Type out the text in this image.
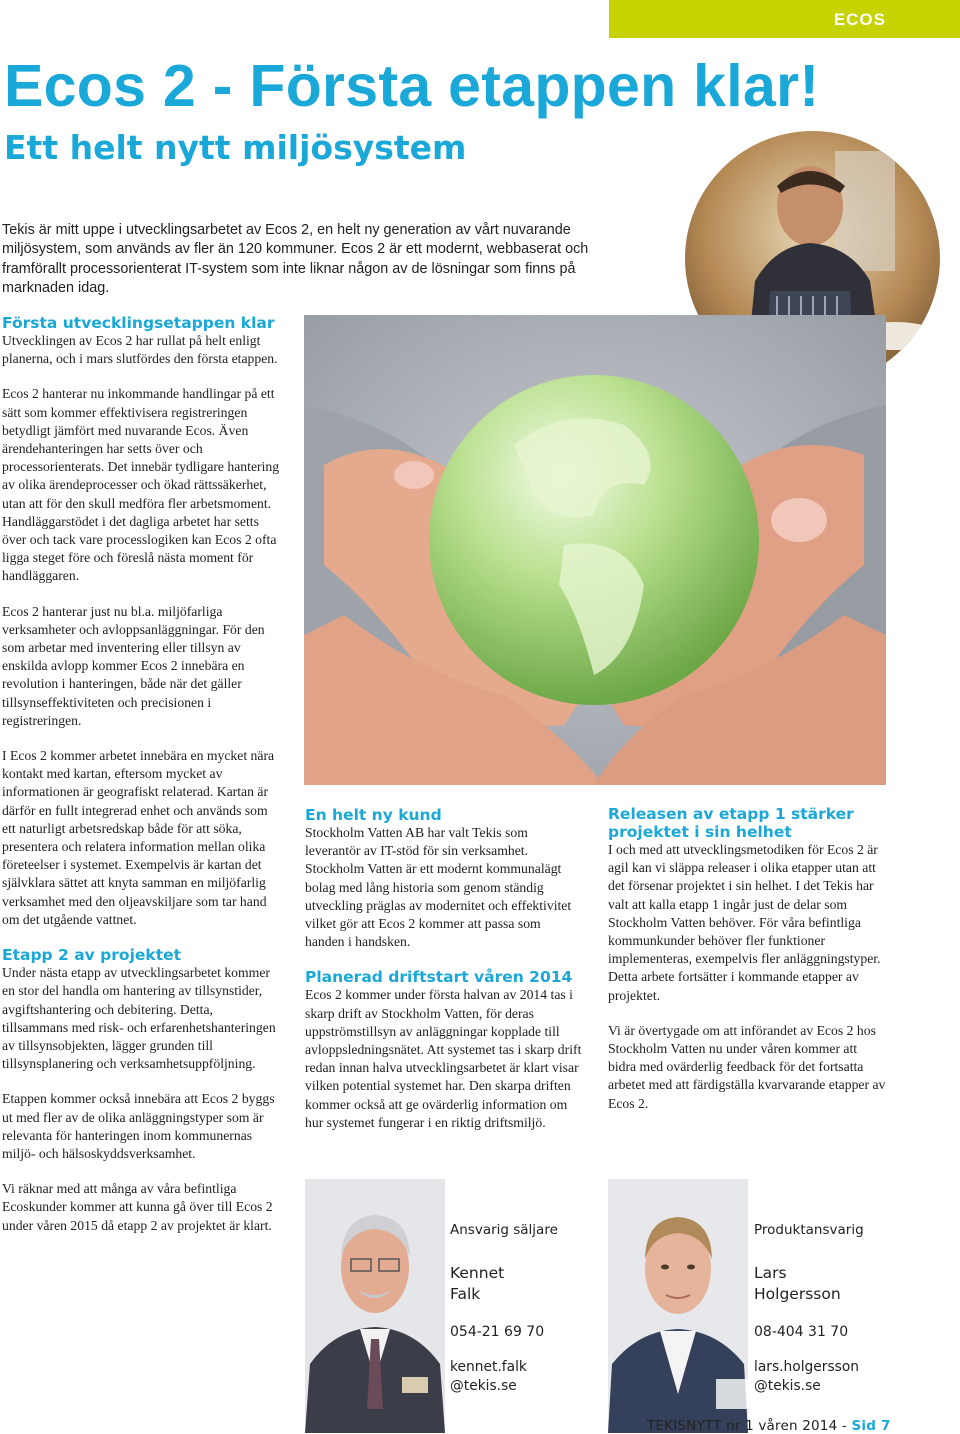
ECOS
Ecos 2 - Första etappen klar!
Ett helt nytt miljösystem

Tekis är mitt uppe i utvecklingsarbetet av Ecos 2, en helt ny generation av vårt nuvarande miljösystem, som används av fler än 120 kommuner. Ecos 2 är ett modernt, webbaserat och framförallt processorienterat IT-system som inte liknar någon av de lösningar som finns på marknaden idag.

Första utvecklingsetappen klar

Utvecklingen av Ecos 2 har rullat på helt enligt planerna, och i mars slutfördes den första etappen.

Ecos 2 hanterar nu inkommande handlingar på ett sätt som kommer effektivisera registreringen betydligt jämfört med nuvarande Ecos. Även ärendehanteringen har setts över och processorienterats. Det innebär tydligare hantering av olika ärendeprocesser och ökad rättssäkerhet, utan att för den skull medföra fler arbetsmoment. Handläggarstödet i det dagliga arbetet har setts över och tack vare processlogiken kan Ecos 2 ofta ligga steget före och föreslå nästa moment för handläggaren.

Ecos 2 hanterar just nu bl.a. miljöfarliga verksamheter och avloppsanläggningar. För den som arbetar med inventering eller tillsyn av enskilda avlopp kommer Ecos 2 innebära en revolution i hanteringen, både när det gäller tillsynseffektiviteten och precisionen i registreringen.

I Ecos 2 kommer arbetet innebära en mycket nära kontakt med kartan, eftersom mycket av informationen är geografiskt relaterad. Kartan är därför en fullt integrerad enhet och används som ett naturligt arbetsredskap både för att söka, presentera och relatera information mellan olika företeelser i systemet. Exempelvis är kartan det självklara sättet att knyta samman en miljöfarlig verksamhet med den oljeavskiljare som tar hand om det utgående vattnet.

Etapp 2 av projektet

Under nästa etapp av utvecklingsarbetet kommer en stor del handla om hantering av tillsynstider, avgiftshantering och debitering. Detta, tillsammans med risk- och erfarenhetshanteringen av tillsynsobjekten, lägger grunden till tillsynsplanering och verksamhetsuppföljning.

Etappen kommer också innebära att Ecos 2 byggs ut med fler av de olika anläggningstyper som är relevanta för hanteringen inom kommunernas miljö- och hälsoskyddsverksamhet.

Vi räknar med att många av våra befintliga Ecoskunder kommer att kunna gå över till Ecos 2 under våren 2015 då etapp 2 av projektet är klart.

En helt ny kund

Stockholm Vatten AB har valt Tekis som leverantör av IT-stöd för sin verksamhet. Stockholm Vatten är ett modernt kommunalägt bolag med lång historia som genom ständig utveckling präglas av modernitet och effektivitet vilket gör att Ecos 2 kommer att passa som handen i handsken.

Planerad driftstart våren 2014

Ecos 2 kommer under första halvan av 2014 tas i skarp drift av Stockholm Vatten, för deras uppströmstillsyn av anläggningar kopplade till avloppsledningsnätet. Att systemet tas i skarp drift redan innan halva utvecklingsarbetet är klart visar vilken potential systemet har. Den skarpa driften kommer också att ge ovärderlig information om hur systemet fungerar i en riktig driftsmiljö.

Releasen av etapp 1 stärker projektet i sin helhet

I och med att utvecklingsmetodiken för Ecos 2 är agil kan vi släppa releaser i olika etapper utan att det försenar projektet i sin helhet. I det Tekis har valt att kalla etapp 1 ingår just de delar som Stockholm Vatten behöver. För våra befintliga kommunkunder behöver fler funktioner implementeras, exempelvis fler anläggningstyper. Detta arbete fortsätter i kommande etapper av projektet.

Vi är övertygade om att införandet av Ecos 2 hos Stockholm Vatten nu under våren kommer att bidra med ovärderlig feedback för det fortsatta arbetet med att färdigställa kvarvarande etapper av Ecos 2.

Ansvarig säljare

Kennet
Falk

054-21 69 70

kennet.falk
@tekis.se

Produktansvarig

Lars
Holgersson

08-404 31 70

lars.holgersson
@tekis.se

TEKISNYTT nr 1 våren 2014 - Sid 7
